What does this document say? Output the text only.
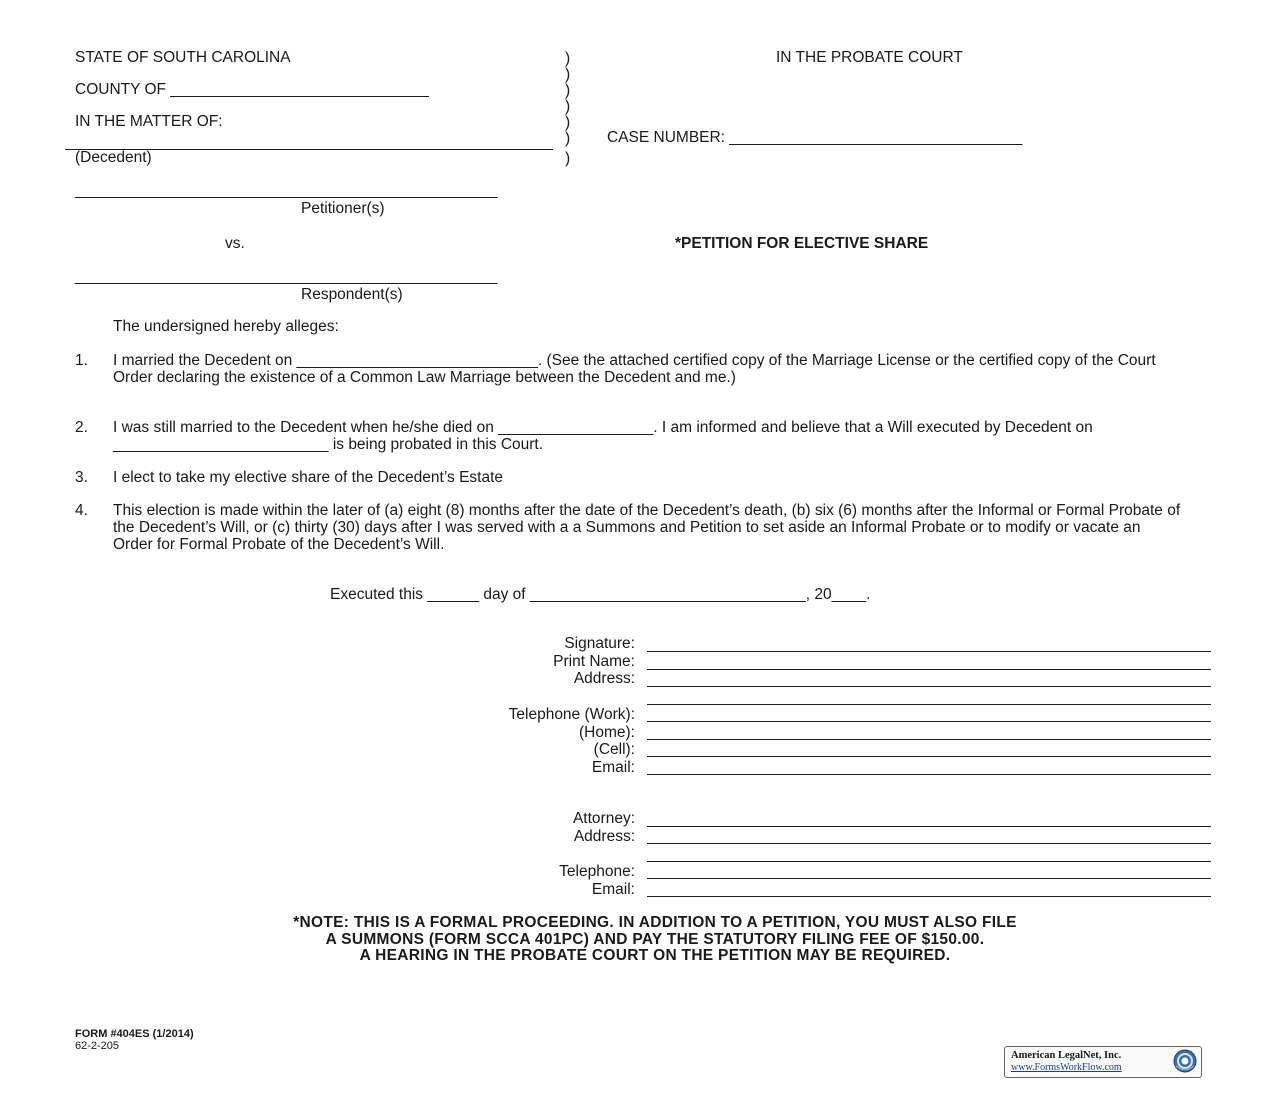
STATE OF SOUTH CAROLINA
COUNTY OF ______________________________
IN THE MATTER OF:
(Decedent)
)
)
)
)
)
)
)
IN THE PROBATE COURT
CASE NUMBER: __________________________________
_________________________________________________
Petitioner(s)
vs.	*PETITION FOR ELECTIVE SHARE
_________________________________________________
Respondent(s)
The undersigned hereby alleges:
1. I married the Decedent on ____________________________. (See the attached certified copy of the Marriage License or the certified copy of the Court Order declaring the existence of a Common Law Marriage between the Decedent and me.)
2. I was still married to the Decedent when he/she died on __________________. I am informed and believe that a Will executed by Decedent on _________________________ is being probated in this Court.
3. I elect to take my elective share of the Decedent’s Estate
4. This election is made within the later of (a) eight (8) months after the date of the Decedent’s death, (b) six (6) months after the Informal or Formal Probate of the Decedent’s Will, or (c) thirty (30) days after I was served with a a Summons and Petition to set aside an Informal Probate or to modify or vacate an Order for Formal Probate of the Decedent’s Will.
Executed this ______ day of ________________________________, 20____.
Signature:
Print Name:
Address:
Telephone (Work):
(Home):
(Cell):
Email:
Attorney:
Address:
Telephone:
Email:
*NOTE: THIS IS A FORMAL PROCEEDING. IN ADDITION TO A PETITION, YOU MUST ALSO FILE
A SUMMONS (FORM SCCA 401PC) AND PAY THE STATUTORY FILING FEE OF $150.00.
A HEARING IN THE PROBATE COURT ON THE PETITION MAY BE REQUIRED.
FORM #404ES (1/2014)
62-2-205
American LegalNet, Inc.
www.FormsWorkFlow.com
